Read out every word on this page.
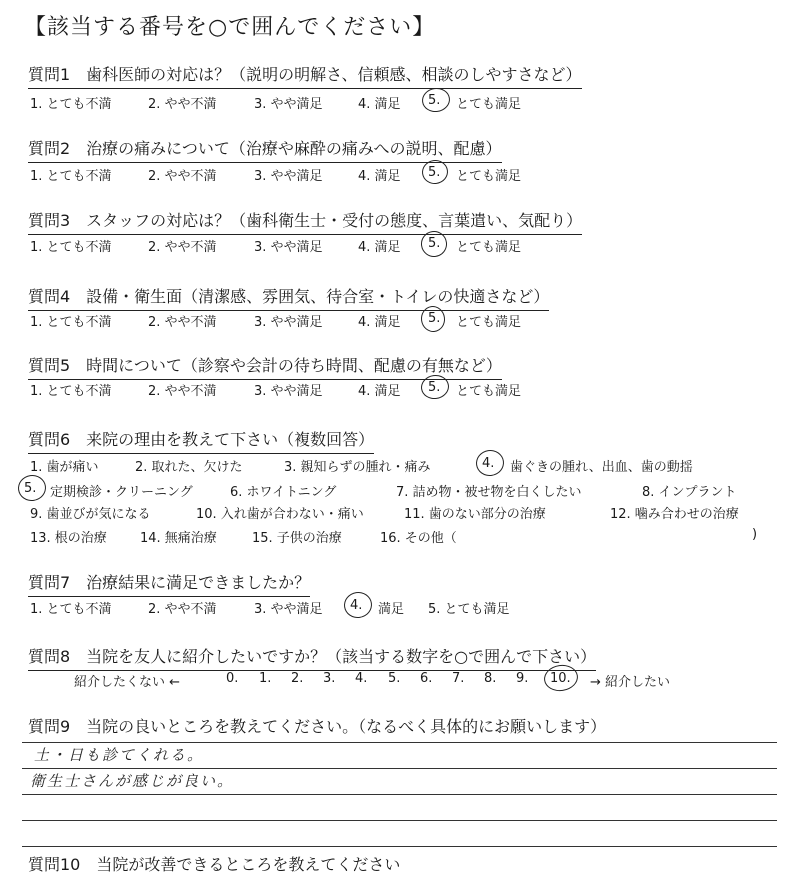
【該当する番号を○で囲んでください】
質問1　歯科医師の対応は？（説明の明解さ、信頼感、相談のしやすさなど）
1. とても不満	2. やや不満	3. やや満足	4. 満足 5. とても満足
質問2　治療の痛みについて（治療や麻酔の痛みへの説明、配慮）
1. とても不満	2. やや不満	3. やや満足	4. 満足 5. とても満足
質問3　スタッフの対応は？（歯科衛生士・受付の態度、言葉遣い、気配り）
1. とても不満	2. やや不満	3. やや満足	4. 満足 5. とても満足
質問4　設備・衛生面（清潔感、雰囲気、待合室・トイレの快適さなど）
1. とても不満	2. やや不満	3. やや満足	4. 満足 5. とても満足
質問5　時間について（診察や会計の待ち時間、配慮の有無など）
1. とても不満	2. やや不満	3. やや満足	4. 満足 5. とても満足
質問6　来院の理由を教えて下さい（複数回答）
1. 歯が痛い	2. 取れた、欠けた	3. 親知らずの腫れ・痛み	4. 歯ぐきの腫れ、出血、歯の動揺
5. 定期検診・クリーニング	6. ホワイトニング	7. 詰め物・被せ物を白くしたい	8. インプラント
9. 歯並びが気になる	10. 入れ歯が合わない・痛い	11. 歯のない部分の治療	12. 噛み合わせの治療
13. 根の治療	14. 無痛治療	15. 子供の治療	16. その他（	)
質問7　治療結果に満足できましたか？
1. とても不満	2. やや不満	3. やや満足 4. 満足 5. とても満足
質問8　当院を友人に紹介したいですか？（該当する数字を○で囲んで下さい）
紹介したくない ←	0. 1. 2. 3. 4. 5. 6. 7. 8. 9. 10. → 紹介したい
質問9　当院の良いところを教えてください。（なるべく具体的にお願いします）
土・日も診てくれる。
衛生士さんが感じが良い。
質問10　当院が改善できるところを教えてください
